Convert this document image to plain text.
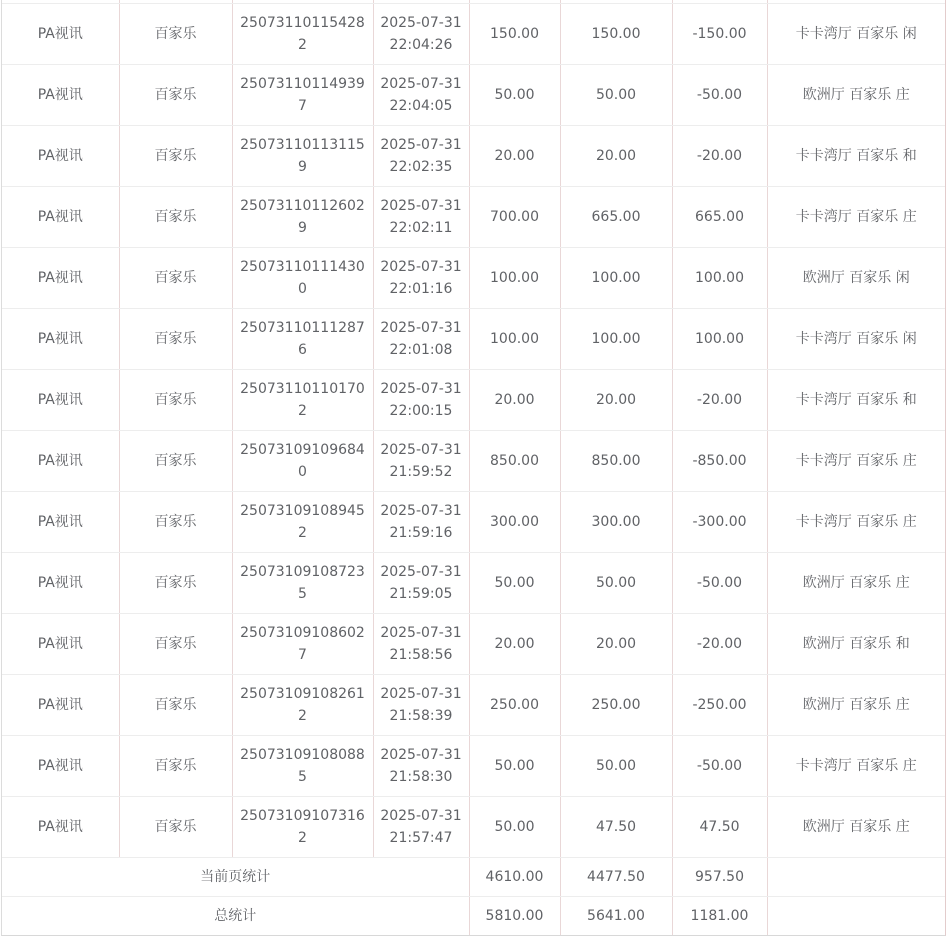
PA视讯	百家乐	250731101154282	2025-07-31 22:04:26	150.00	150.00	-150.00	卡卡湾厅 百家乐 闲
PA视讯	百家乐	250731101149397	2025-07-31 22:04:05	50.00	50.00	-50.00	欧洲厅 百家乐 庄
PA视讯	百家乐	250731101131159	2025-07-31 22:02:35	20.00	20.00	-20.00	卡卡湾厅 百家乐 和
PA视讯	百家乐	250731101126029	2025-07-31 22:02:11	700.00	665.00	665.00	卡卡湾厅 百家乐 庄
PA视讯	百家乐	250731101114300	2025-07-31 22:01:16	100.00	100.00	100.00	欧洲厅 百家乐 闲
PA视讯	百家乐	250731101112876	2025-07-31 22:01:08	100.00	100.00	100.00	卡卡湾厅 百家乐 闲
PA视讯	百家乐	250731101101702	2025-07-31 22:00:15	20.00	20.00	-20.00	卡卡湾厅 百家乐 和
PA视讯	百家乐	250731091096840	2025-07-31 21:59:52	850.00	850.00	-850.00	卡卡湾厅 百家乐 庄
PA视讯	百家乐	250731091089452	2025-07-31 21:59:16	300.00	300.00	-300.00	卡卡湾厅 百家乐 庄
PA视讯	百家乐	250731091087235	2025-07-31 21:59:05	50.00	50.00	-50.00	欧洲厅 百家乐 庄
PA视讯	百家乐	250731091086027	2025-07-31 21:58:56	20.00	20.00	-20.00	欧洲厅 百家乐 和
PA视讯	百家乐	250731091082612	2025-07-31 21:58:39	250.00	250.00	-250.00	欧洲厅 百家乐 庄
PA视讯	百家乐	250731091080885	2025-07-31 21:58:30	50.00	50.00	-50.00	卡卡湾厅 百家乐 庄
PA视讯	百家乐	250731091073162	2025-07-31 21:57:47	50.00	47.50	47.50	欧洲厅 百家乐 庄
当前页统计				4610.00	4477.50	957.50	
总统计				5810.00	5641.00	1181.00	
